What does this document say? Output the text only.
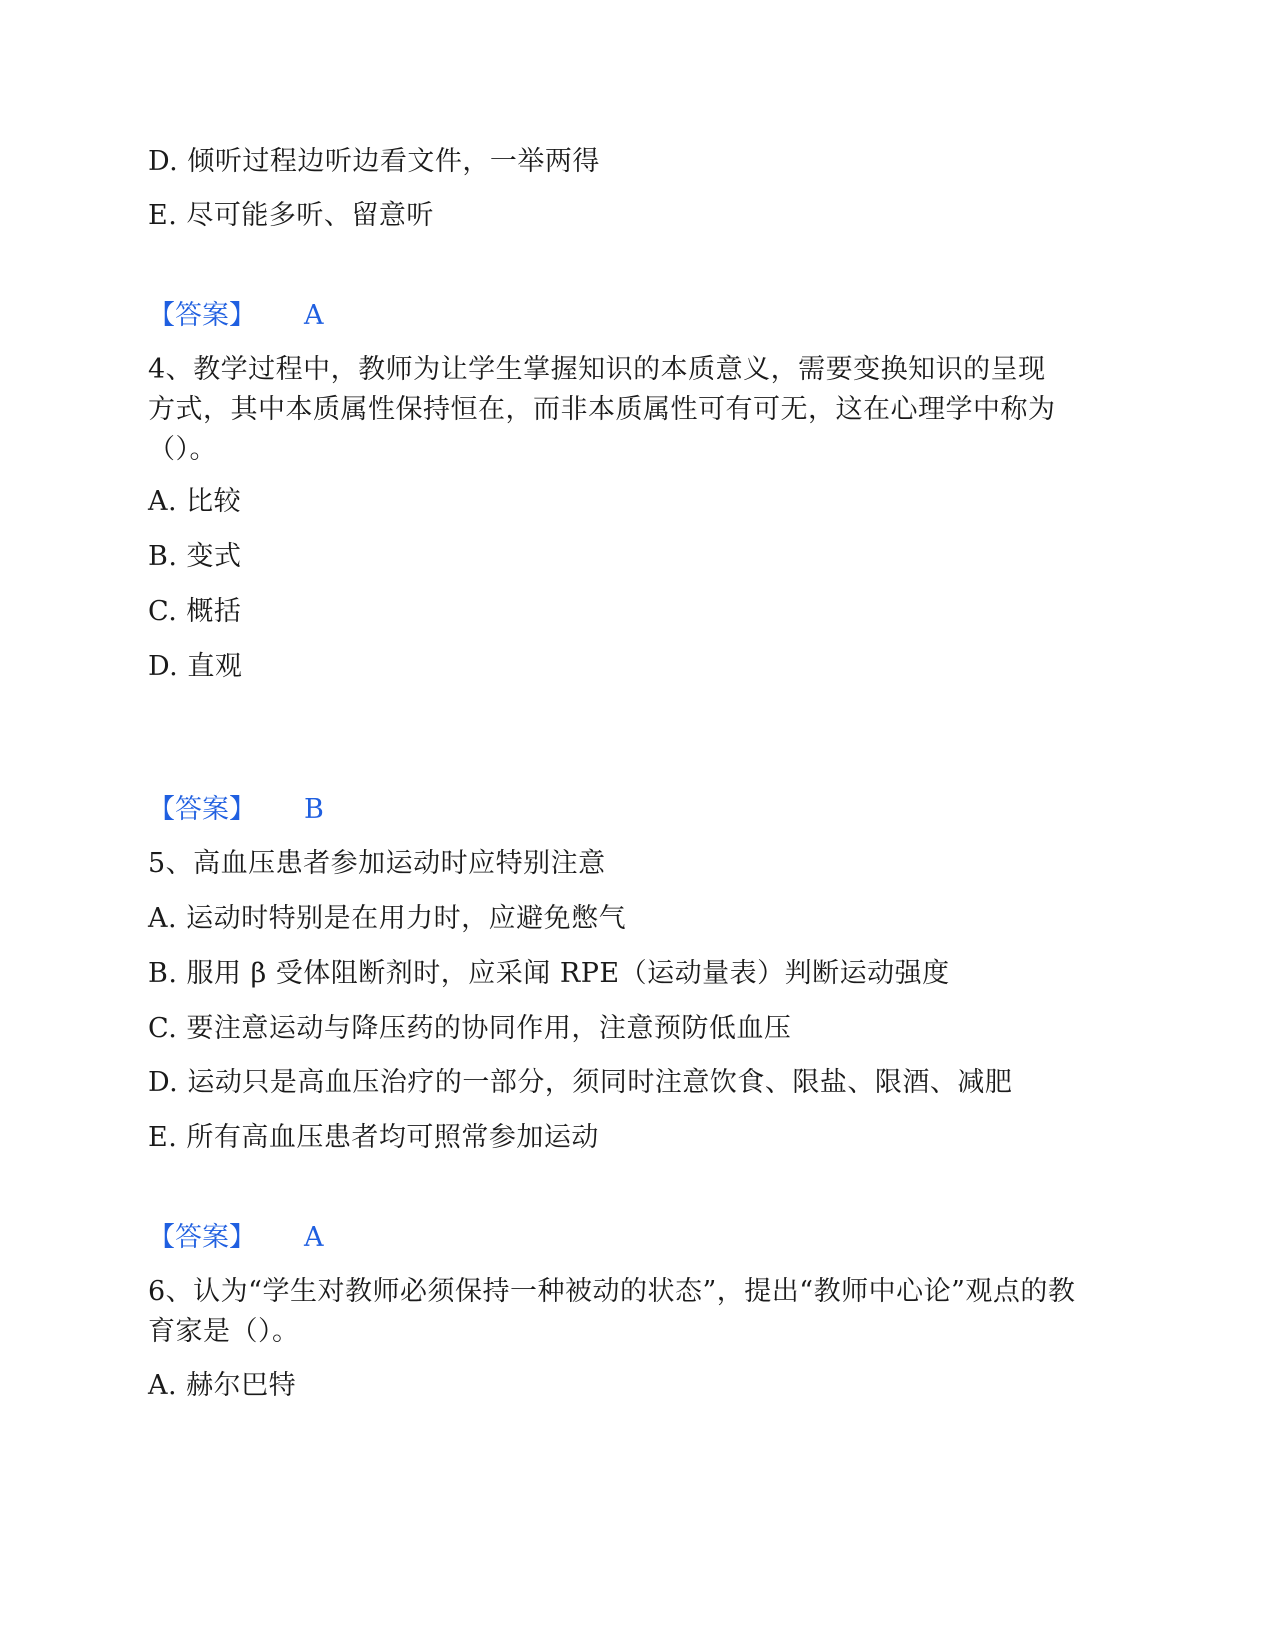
D. 倾听过程边听边看文件，一举两得
E. 尽可能多听、留意听
【答案】 A
4、教学过程中，教师为让学生掌握知识的本质意义，需要变换知识的呈现
方式，其中本质属性保持恒在，而非本质属性可有可无，这在心理学中称为
（）。
A. 比较
B. 变式
C. 概括
D. 直观
【答案】 B
5、高血压患者参加运动时应特别注意
A. 运动时特别是在用力时，应避免憋气
B. 服用 β 受体阻断剂时，应采闻 RPE（运动量表）判断运动强度
C. 要注意运动与降压药的协同作用，注意预防低血压
D. 运动只是高血压治疗的一部分，须同时注意饮食、限盐、限酒、减肥
E. 所有高血压患者均可照常参加运动
【答案】 A
6、认为“学生对教师必须保持一种被动的状态”，提出“教师中心论”观点的教
育家是（）。
A. 赫尔巴特
